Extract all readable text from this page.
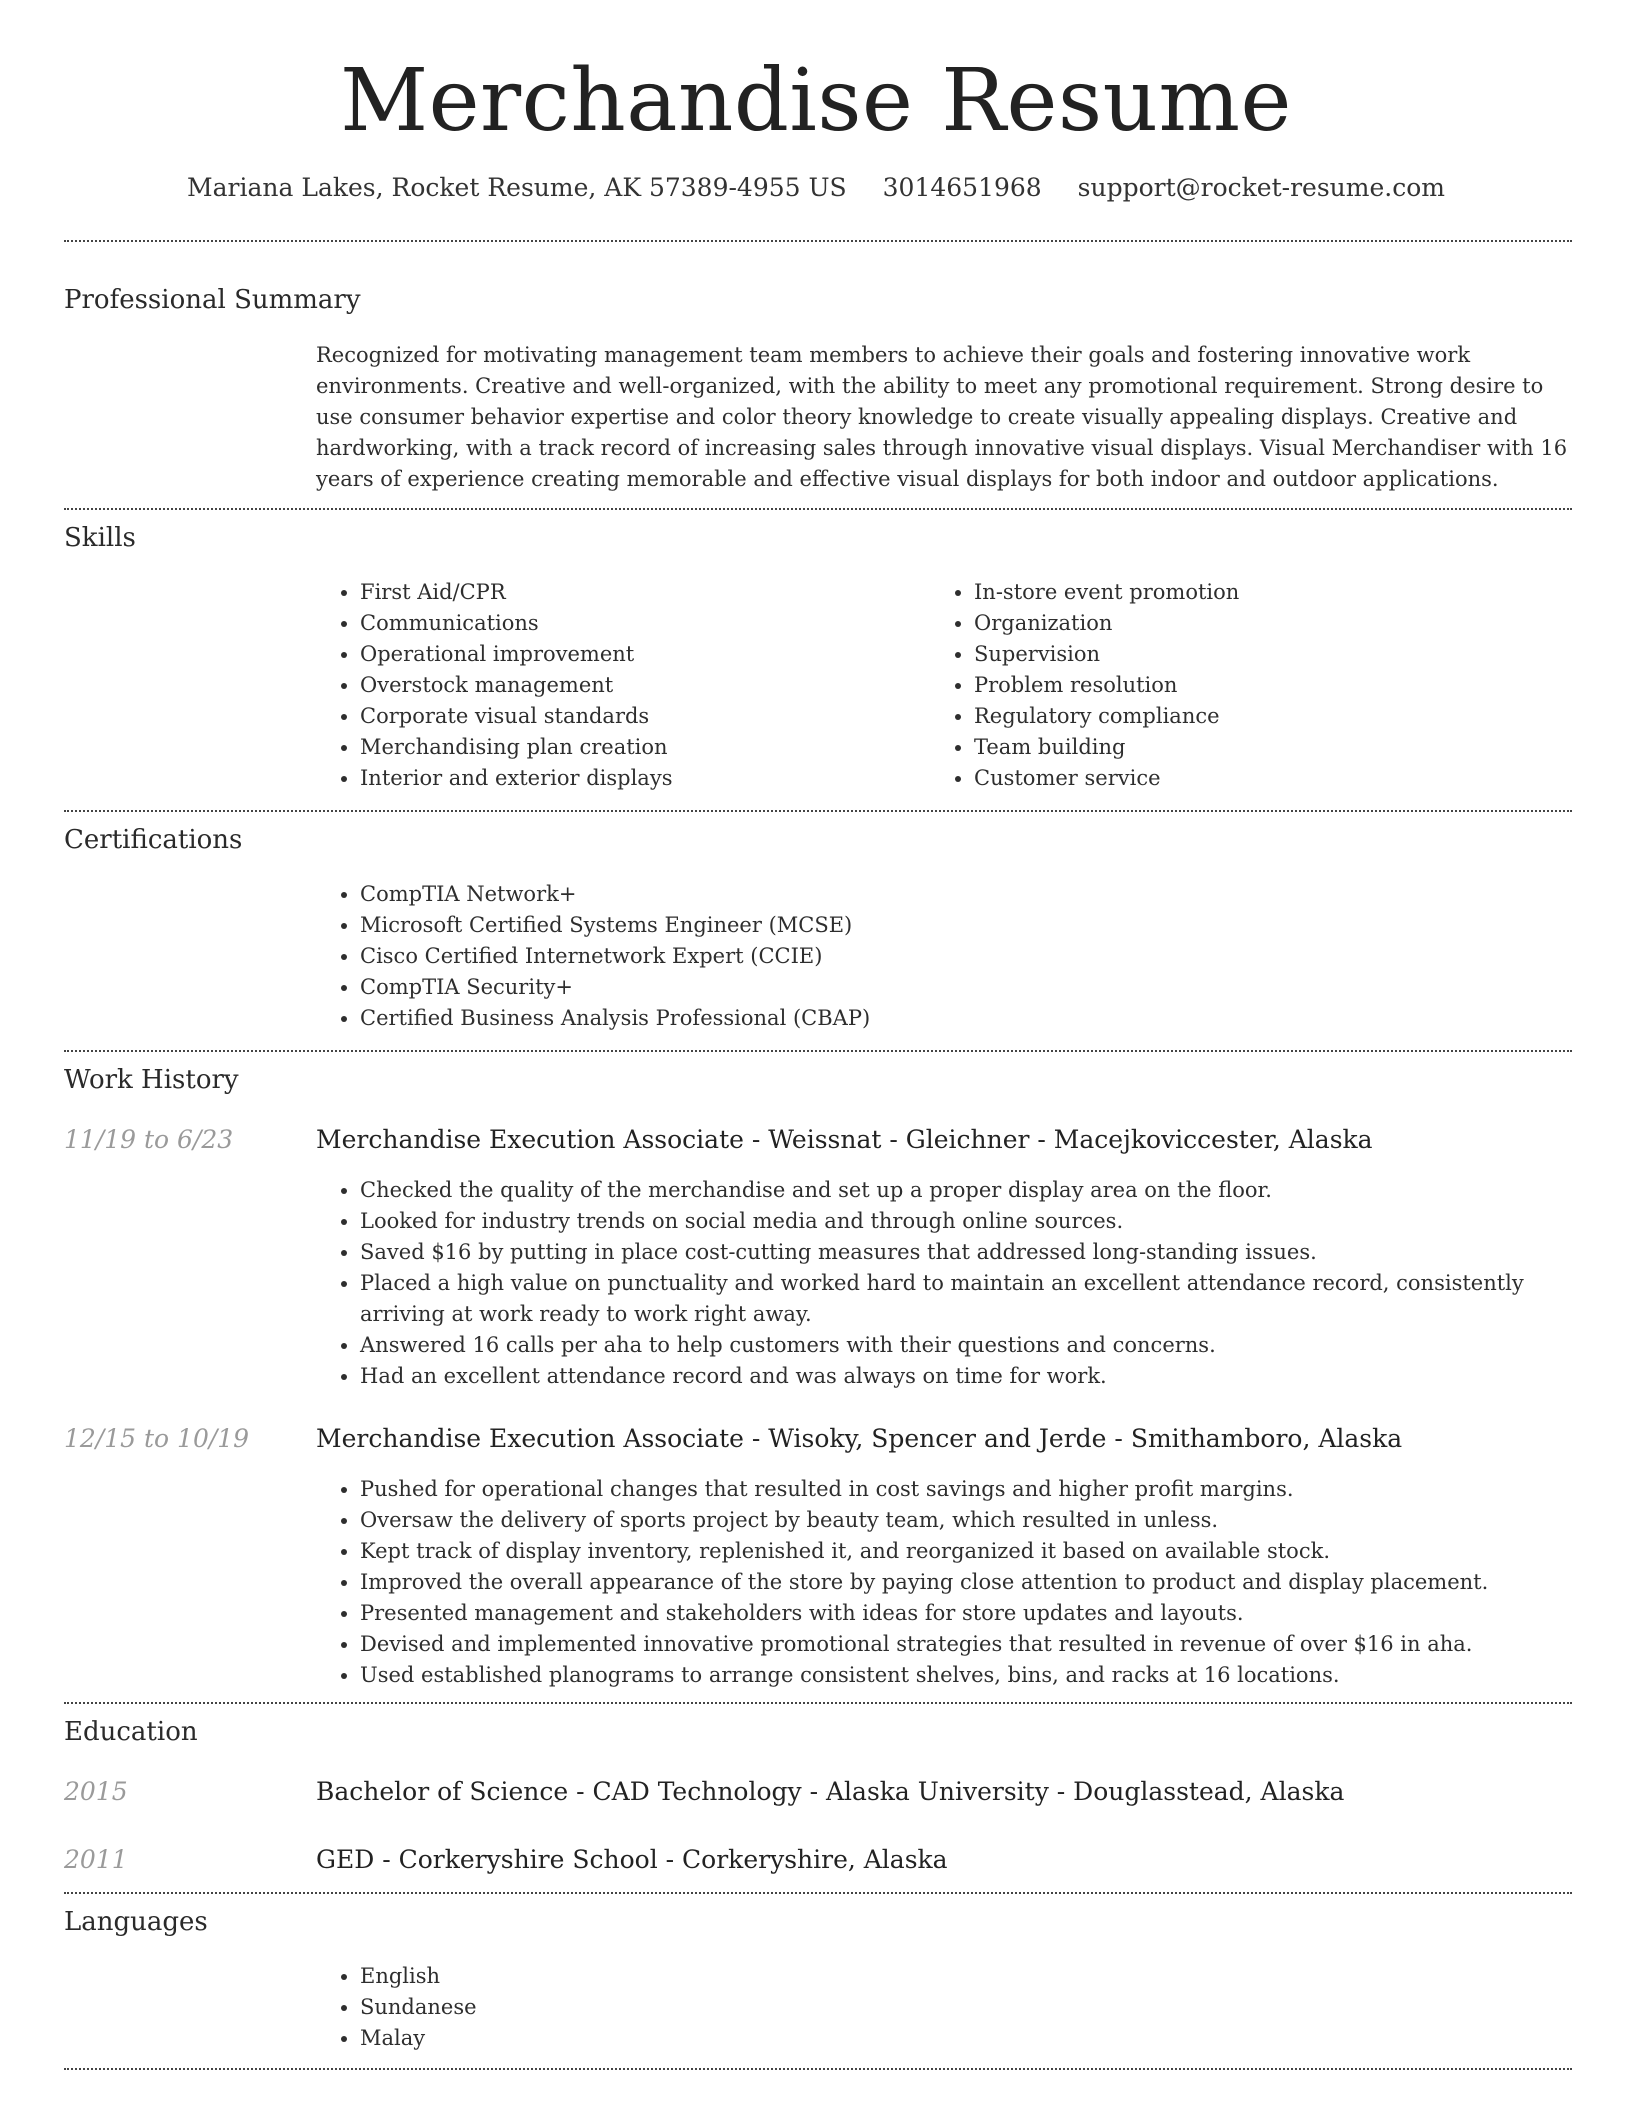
Merchandise Resume
Mariana Lakes, Rocket Resume, AK 57389-4955 US 3014651968 support@rocket-resume.com
Professional Summary
Recognized for motivating management team members to achieve their goals and fostering innovative work environments. Creative and well-organized, with the ability to meet any promotional requirement. Strong desire to use consumer behavior expertise and color theory knowledge to create visually appealing displays. Creative and hardworking, with a track record of increasing sales through innovative visual displays. Visual Merchandiser with 16 years of experience creating memorable and effective visual displays for both indoor and outdoor applications.
Skills
• First Aid/CPR
• Communications
• Operational improvement
• Overstock management
• Corporate visual standards
• Merchandising plan creation
• Interior and exterior displays
• In-store event promotion
• Organization
• Supervision
• Problem resolution
• Regulatory compliance
• Team building
• Customer service
Certifications
• CompTIA Network+
• Microsoft Certified Systems Engineer (MCSE)
• Cisco Certified Internetwork Expert (CCIE)
• CompTIA Security+
• Certified Business Analysis Professional (CBAP)
Work History
11/19 to 6/23	Merchandise Execution Associate - Weissnat - Gleichner - Macejkoviccester, Alaska
• Checked the quality of the merchandise and set up a proper display area on the floor.
• Looked for industry trends on social media and through online sources.
• Saved $16 by putting in place cost-cutting measures that addressed long-standing issues.
• Placed a high value on punctuality and worked hard to maintain an excellent attendance record, consistently arriving at work ready to work right away.
• Answered 16 calls per aha to help customers with their questions and concerns.
• Had an excellent attendance record and was always on time for work.
12/15 to 10/19	Merchandise Execution Associate - Wisoky, Spencer and Jerde - Smithamboro, Alaska
• Pushed for operational changes that resulted in cost savings and higher profit margins.
• Oversaw the delivery of sports project by beauty team, which resulted in unless.
• Kept track of display inventory, replenished it, and reorganized it based on available stock.
• Improved the overall appearance of the store by paying close attention to product and display placement.
• Presented management and stakeholders with ideas for store updates and layouts.
• Devised and implemented innovative promotional strategies that resulted in revenue of over $16 in aha.
• Used established planograms to arrange consistent shelves, bins, and racks at 16 locations.
Education
2015	Bachelor of Science - CAD Technology - Alaska University - Douglasstead, Alaska
2011	GED - Corkeryshire School - Corkeryshire, Alaska
Languages
• English
• Sundanese
• Malay
